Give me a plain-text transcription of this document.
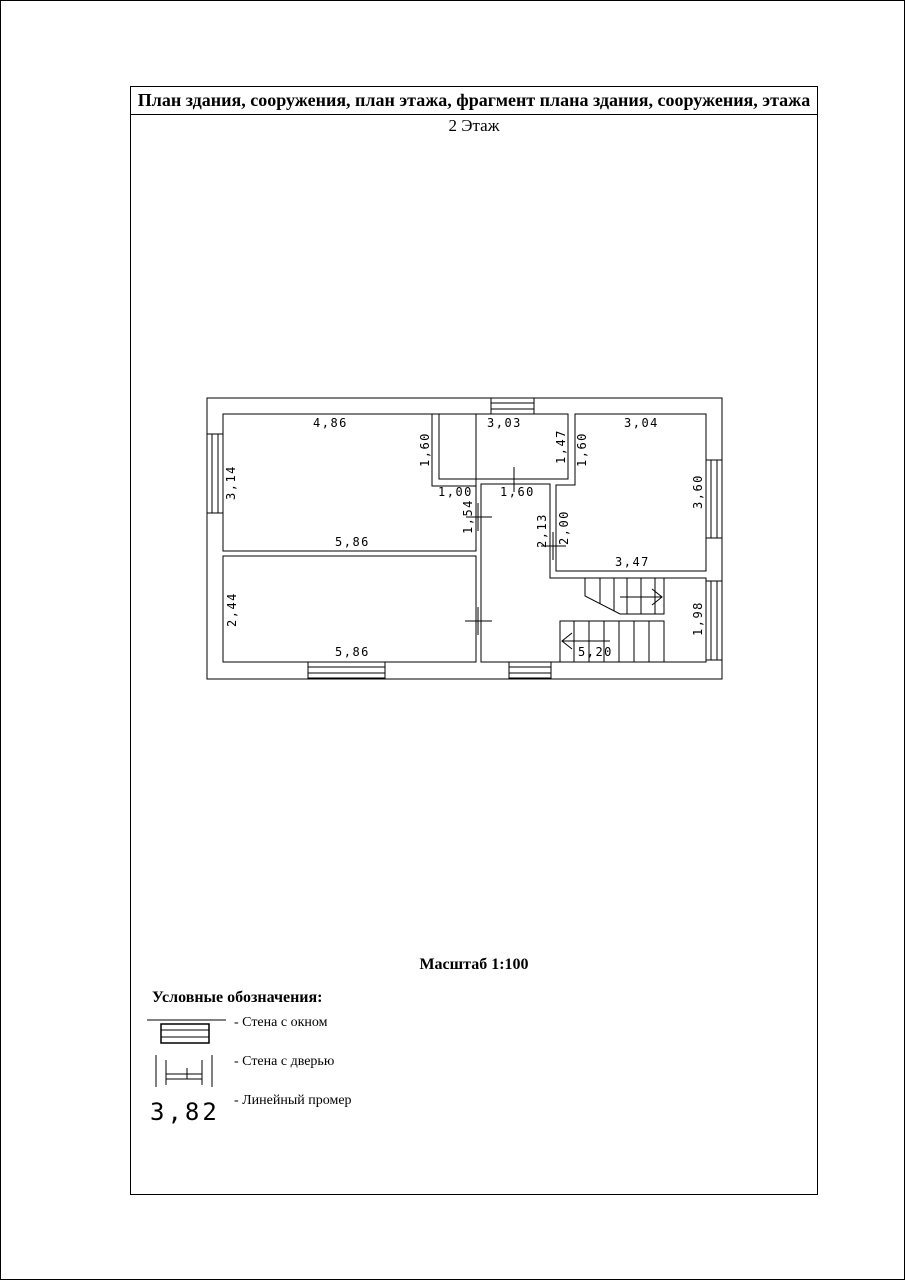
План здания, сооружения, план этажа, фрагмент плана здания, сооружения, этажа
2 Этаж
4,86
3,14
5,86
1,60
1,00
3,03
1,47
1,60
1,54
3,04
1,60
3,60
2,13 2,00
3,47
2,44
5,86
1,98
5,20
Масштаб 1:100
Условные обозначения:
- Стена с окном
- Стена с дверью
3,82 - Линейный промер
